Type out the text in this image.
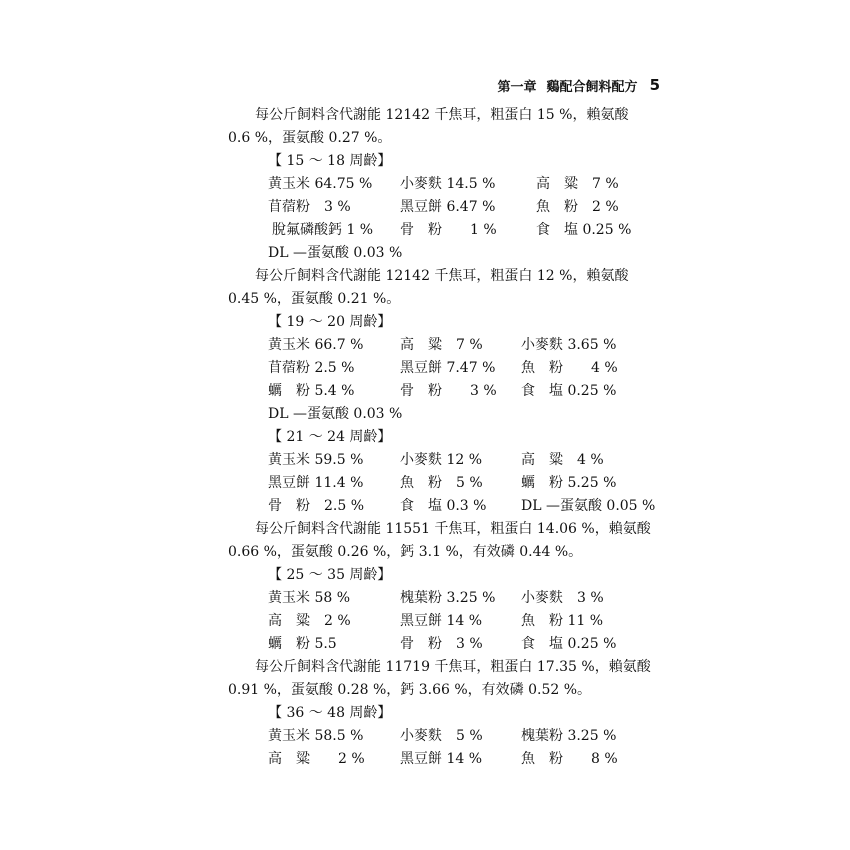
第一章 鷄配合飼料配方 5
每公斤飼料含代謝能 12142 千焦耳，粗蛋白 15 %，賴氨酸
0.6 %，蛋氨酸 0.27 %。
【 15 ～ 18 周齡】
黄玉米 64.75 % 小麥麩 14.5 %	高　粱　7 %
苜蓿粉　3 %	黑豆餅 6.47 %	魚　粉　2 %
脫氟磷酸鈣 1 % 骨　粉　　1 %	食　塩 0.25 %
DL —蛋氨酸 0.03 %
每公斤飼料含代謝能 12142 千焦耳，粗蛋白 12 %，賴氨酸
0.45 %，蛋氨酸 0.21 %。
【 19 ～ 20 周齡】
黄玉米 66.7 %	高　粱　7 %	小麥麩 3.65 %
苜蓿粉 2.5 %	黑豆餅 7.47 % 魚　粉　　4 %
蠣　粉 5.4 %	骨　粉　　3 % 食　塩 0.25 %
DL —蛋氨酸 0.03 %
【 21 ～ 24 周齡】
黄玉米 59.5 %	小麥麩 12 %	高　粱　4 %
黑豆餅 11.4 %	魚　粉　5 %	蠣　粉 5.25 %
骨　粉　2.5 %	食　塩 0.3 % DL —蛋氨酸 0.05 %
每公斤飼料含代謝能 11551 千焦耳，粗蛋白 14.06 %，賴氨酸
0.66 %，蛋氨酸 0.26 %，鈣 3.1 %，有效磷 0.44 %。
【 25 ～ 35 周齡】
黄玉米 58 %	槐葉粉 3.25 % 小麥麩　3 %
高　粱　2 %	黑豆餅 14 %	魚　粉 11 %
蠣　粉 5.5	骨　粉　3 %	食　塩 0.25 %
每公斤飼料含代謝能 11719 千焦耳，粗蛋白 17.35 %，賴氨酸
0.91 %，蛋氨酸 0.28 %，鈣 3.66 %，有效磷 0.52 %。
【 36 ～ 48 周齡】
黄玉米 58.5 %	小麥麩　5 %	槐葉粉 3.25 %
高　粱　　2 %	黑豆餅 14 %	魚　粉　　8 %
